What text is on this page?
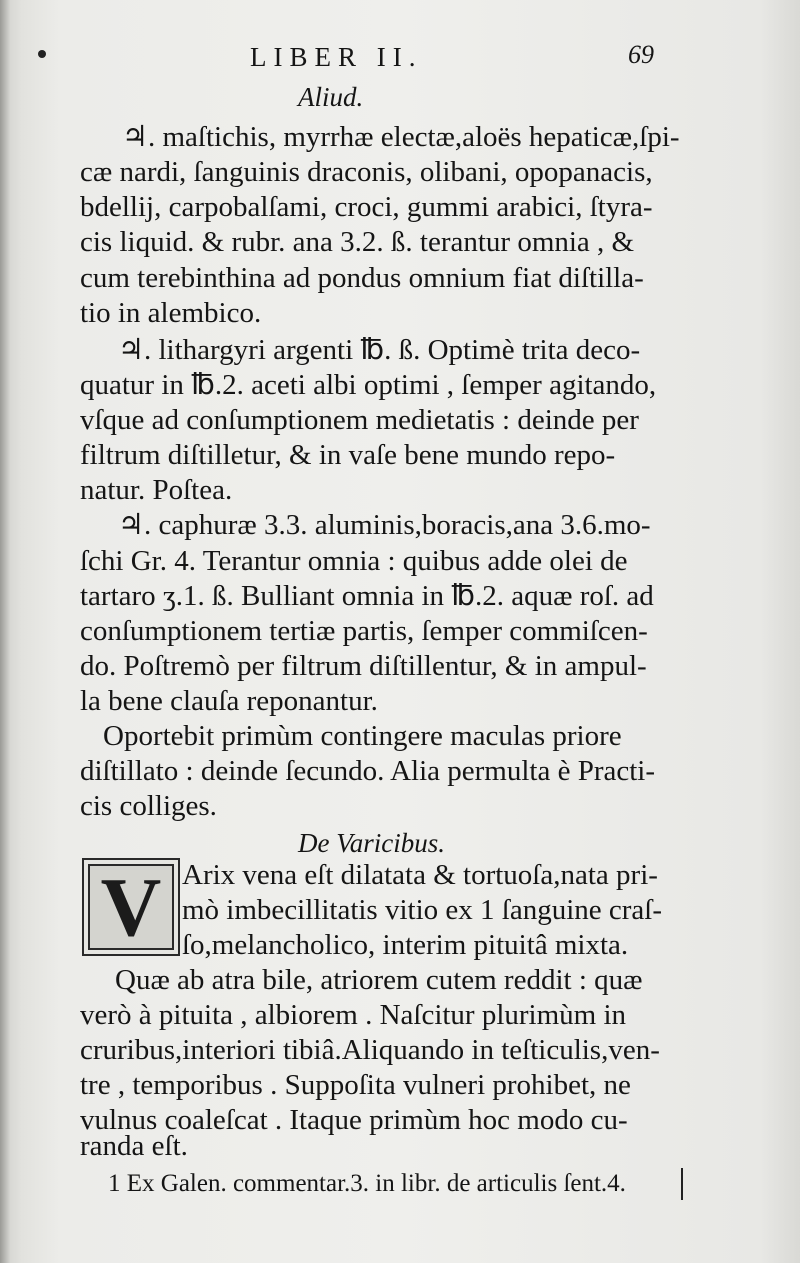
LIBER II.	69
Aliud.
♃. maſtichis, myrrhæ electæ,aloës hepaticæ,ſpi-
cæ nardi, ſanguinis draconis, olibani, opopanacis,
bdellij, carpobalſami, croci, gummi arabici, ſtyra-
cis liquid. & rubr. ana 3.2. ß. terantur omnia , &
cum terebinthina ad pondus omnium fiat diſtilla-
tio in alembico.
♃. lithargyri argenti ℔. ß. Optimè trita deco-
quatur in ℔.2. aceti albi optimi , ſemper agitando,
vſque ad conſumptionem medietatis : deinde per
filtrum diſtilletur, & in vaſe bene mundo repo-
natur. Poſtea.
♃. caphuræ 3.3. aluminis,boracis,ana 3.6.mo-
ſchi Gr. 4. Terantur omnia : quibus adde olei de
tartaro ʒ.1. ß. Bulliant omnia in ℔.2. aquæ roſ. ad
conſumptionem tertiæ partis, ſemper commiſcen-
do. Poſtremò per filtrum diſtillentur, & in ampul-
la bene clauſa reponantur.
Oportebit primùm contingere maculas priore
diſtillato : deinde ſecundo. Alia permulta è Practi-
cis colliges.
De Varicibus.
V Arix vena eſt dilatata & tortuoſa,nata pri-
mò imbecillitatis vitio ex 1 ſanguine craſ-
ſo,melancholico, interim pituitâ mixta.
Quæ ab atra bile, atriorem cutem reddit : quæ
verò à pituita , albiorem . Naſcitur plurimùm in
cruribus,interiori tibiâ.Aliquando in teſticulis,ven-
tre , temporibus . Suppoſita vulneri prohibet, ne
vulnus coaleſcat . Itaque primùm hoc modo cu-
randa eſt.
1 Ex Galen. commentar.3. in libr. de articulis ſent.4.
